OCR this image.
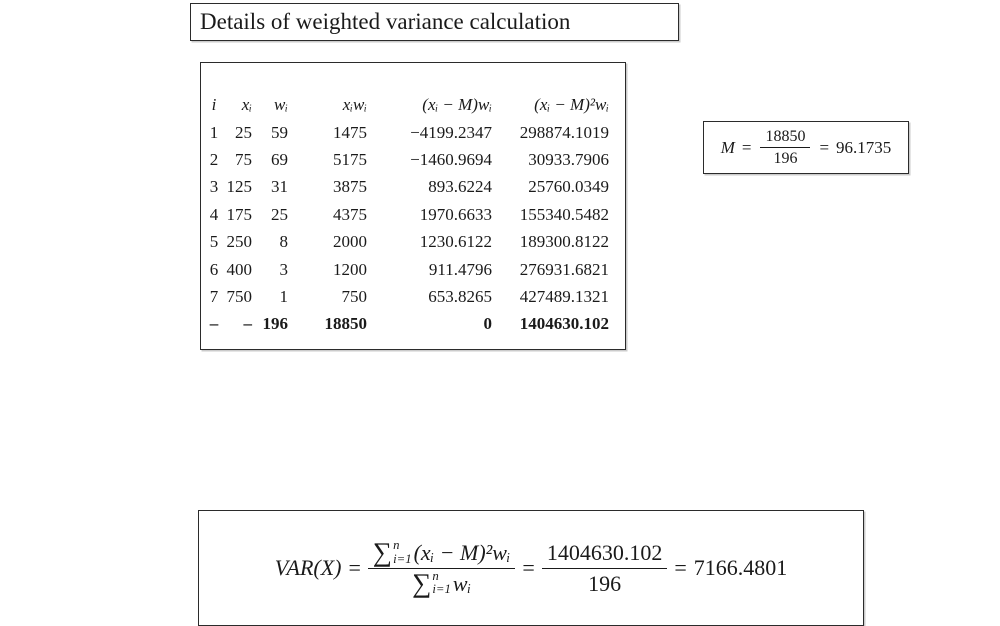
Details of weighted variance calculation
i	xᵢ	wᵢ	xᵢwᵢ	(xᵢ − M)wᵢ	(xᵢ − M)²wᵢ
1	25	59	1475	−4199.2347	298874.1019
2	75	69	5175	−1460.9694	30933.7906
3	125	31	3875	893.6224	25760.0349
4	175	25	4375	1970.6633	155340.5482
5	250	8	2000	1230.6122	189300.8122
6	400	3	1200	911.4796	276931.6821
7	750	1	750	653.8265	427489.1321
–	–	196	18850	0	1404630.102
$M = \frac{18850}{196} = 96.1735$
VAR(X) =
∑ n
i=1 (xᵢ − M)²wᵢ
∑ n
i=1 wᵢ
= $\frac{1404630.102}{196} = 7166.4801$
